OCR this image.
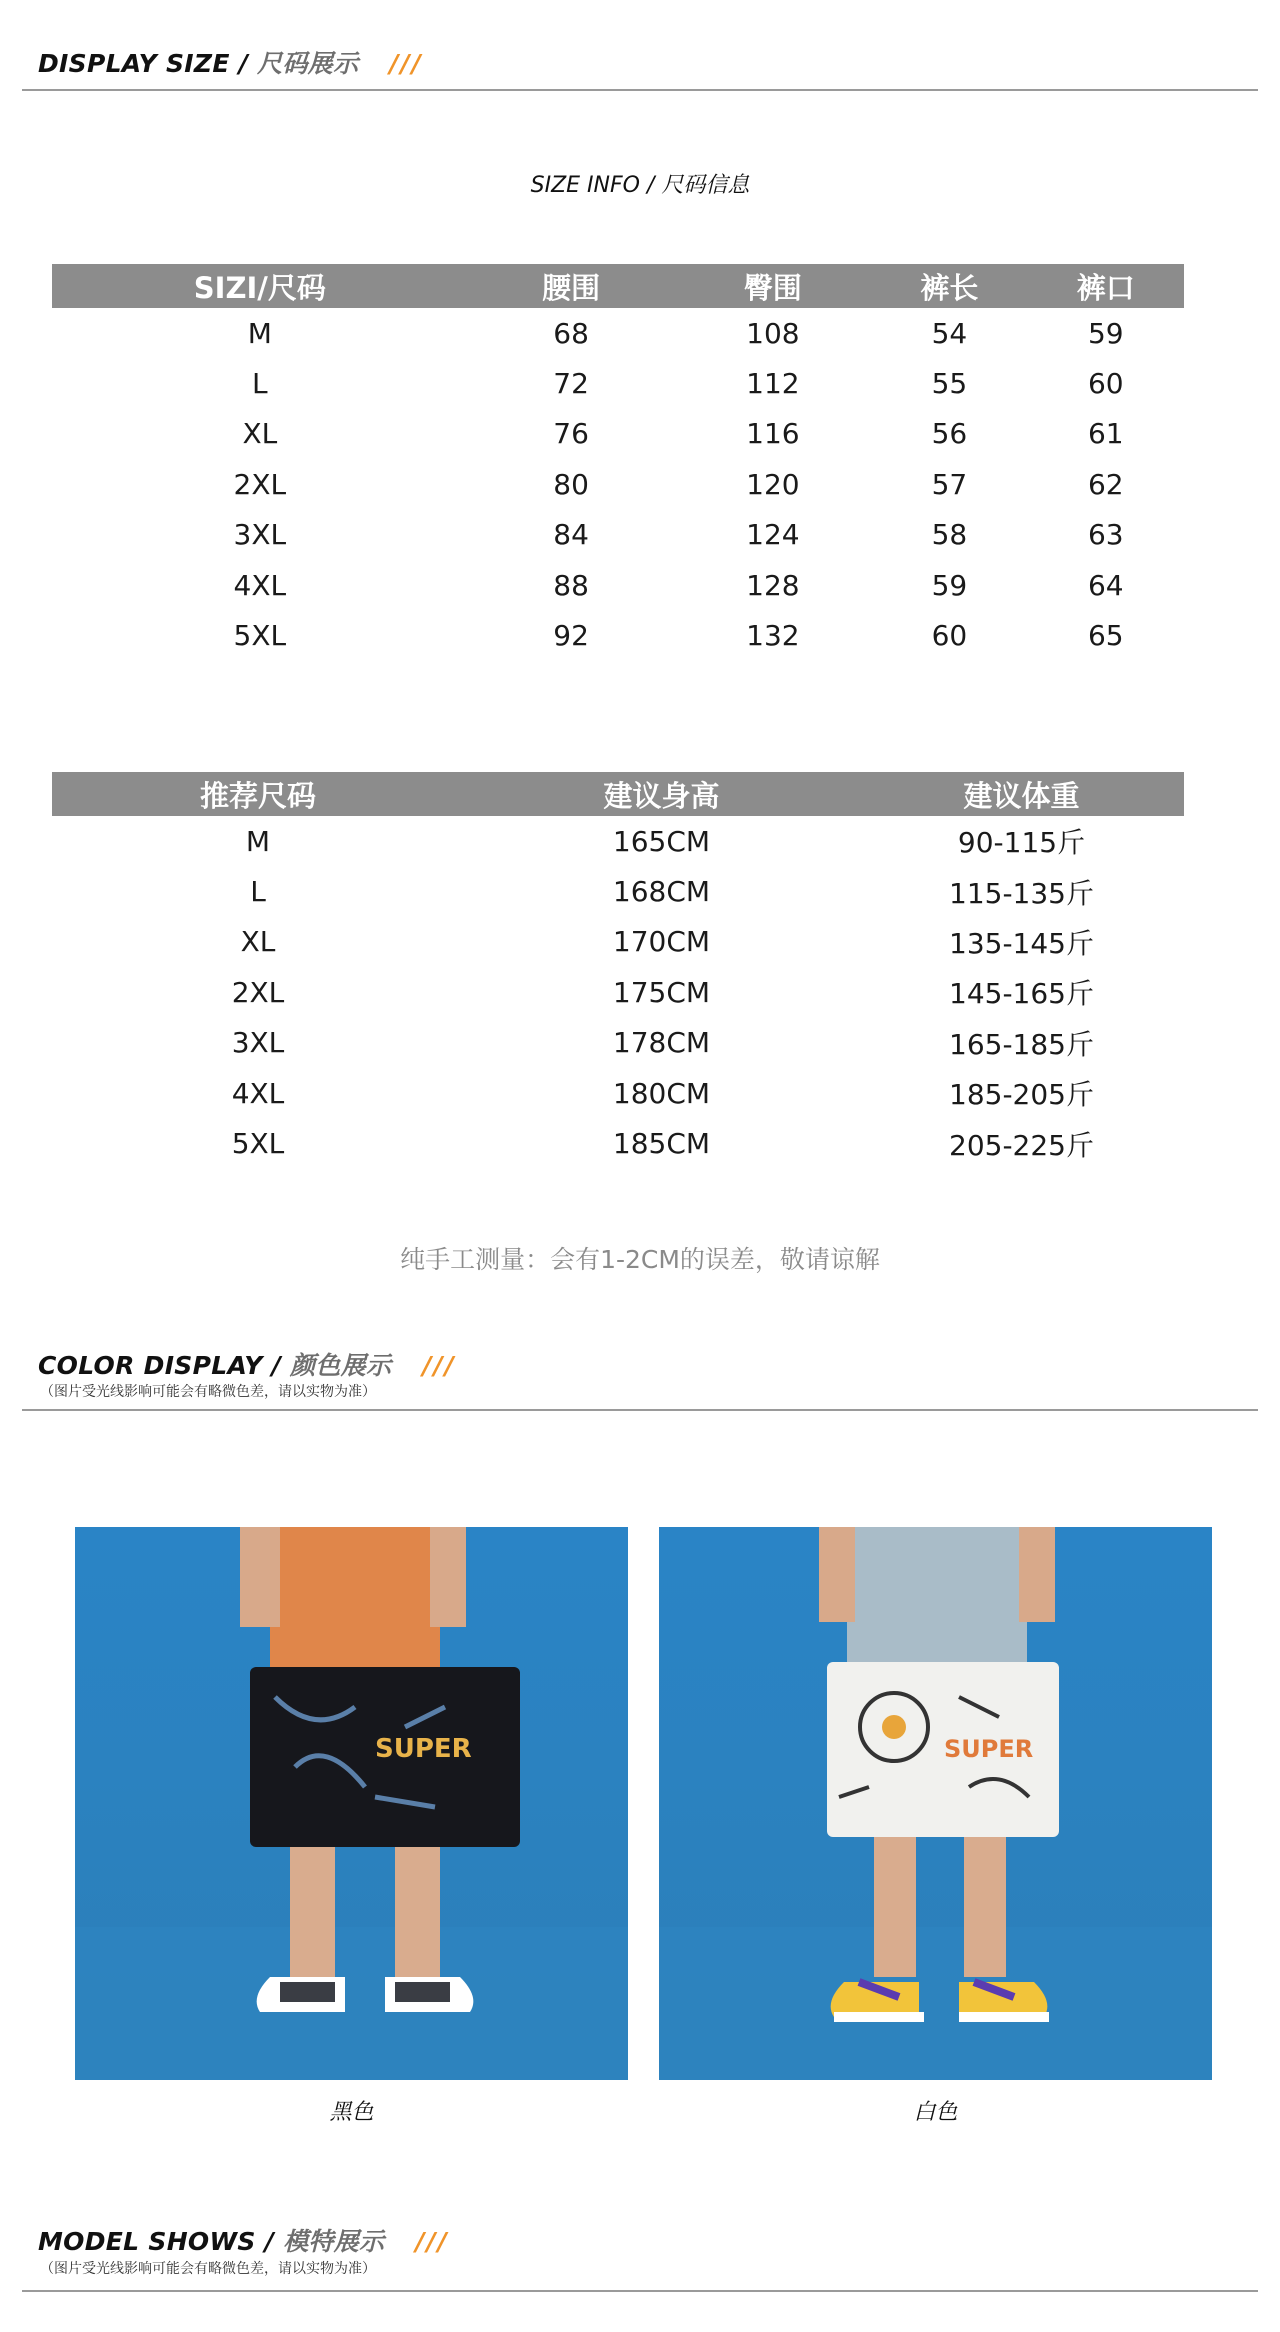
DISPLAY SIZE / 尺码展示 ///
SIZE INFO / 尺码信息
SIZI/尺码	腰围	臀围	裤长	裤口
M	68	108	54	59
L	72	112	55	60
XL	76	116	56	61
2XL	80	120	57	62
3XL	84	124	58	63
4XL	88	128	59	64
5XL	92	132	60	65
推荐尺码	建议身高	建议体重
M	165CM	90-115斤
L	168CM	115-135斤
XL	170CM	135-145斤
2XL	175CM	145-165斤
3XL	178CM	165-185斤
4XL	180CM	185-205斤
5XL	185CM	205-225斤
纯手工测量：会有1-2CM的误差，敬请谅解
COLOR DISPLAY / 颜色展示 ///
（图片受光线影响可能会有略微色差，请以实物为准）
SUPER
黑色
SUPER
白色
MODEL SHOWS / 模特展示 ///
（图片受光线影响可能会有略微色差，请以实物为准）
